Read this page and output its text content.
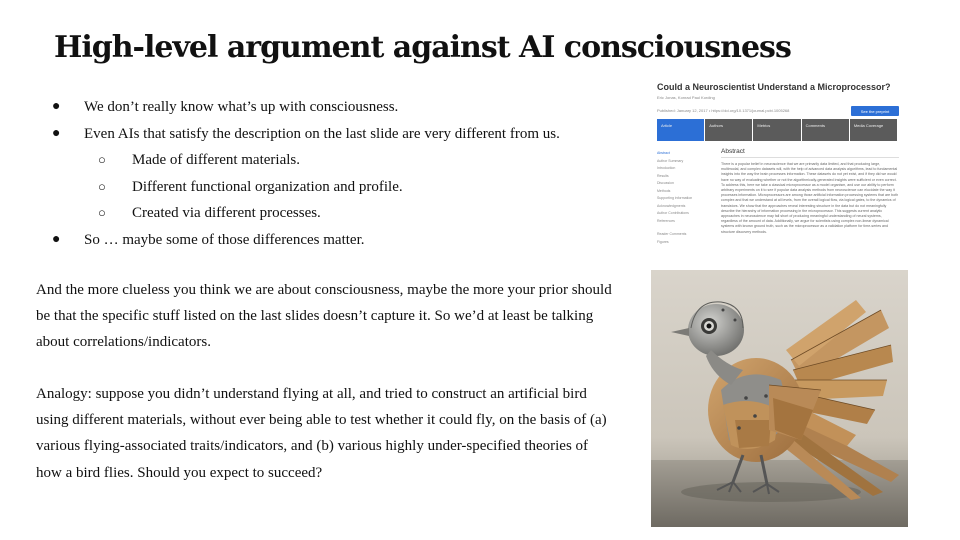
High-level argument against AI consciousness
● We don’t really know what’s up with consciousness.
● Even AIs that satisfy the description on the last slide are very different from us.
○ Made of different materials.
○ Different functional organization and profile.
○ Created via different processes.
● So … maybe some of those differences matter.

And the more clueless you think we are about consciousness, maybe the more your prior should be that the specific stuff listed on the last slides doesn’t capture it. So we’d at least be talking about correlations/indicators.

Analogy: suppose you didn’t understand flying at all, and tried to construct an artificial bird using different materials, without ever being able to test whether it could fly, on the basis of (a) various flying-associated traits/indicators, and (b) various highly under-specified theories of how a bird flies. Should you expect to succeed?

Could a Neuroscientist Understand a Microprocessor?
Eric Jonas, Konrad Paul Kording
Published: January 12, 2017 • https://doi.org/10.1371/journal.pcbi.1005268	See the preprint
Article	Authors	Metrics	Comments	Media Coverage
Abstract
Author Summary
Introduction
Results
Discussion
Methods
Supporting information
Acknowledgments
Author Contributions
References
Reader Comments
Figures
Abstract
There is a popular belief in neuroscience that we are primarily data limited, and that producing large, multimodal, and complex datasets will, with the help of advanced data analysis algorithms, lead to fundamental insights into the way the brain processes information. These datasets do not yet exist, and if they did we would have no way of evaluating whether or not the algorithmically-generated insights were sufficient or even correct. To address this, here we take a classical microprocessor as a model organism, and use our ability to perform arbitrary experiments on it to see if popular data analysis methods from neuroscience can elucidate the way it processes information. Microprocessors are among those artificial information processing systems that are both complex and that we understand at all levels, from the overall logical flow, via logical gates, to the dynamics of transistors. We show that the approaches reveal interesting structure in the data but do not meaningfully describe the hierarchy of information processing in the microprocessor. This suggests current analytic approaches in neuroscience may fall short of producing meaningful understanding of neural systems, regardless of the amount of data. Additionally, we argue for scientists using complex non-linear dynamical systems with known ground truth, such as the microprocessor as a validation platform for time-series and structure discovery methods.
